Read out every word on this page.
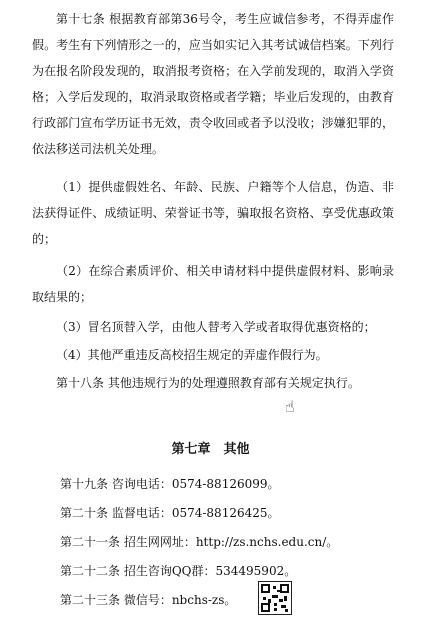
第十七条 根据教育部第36号令，考生应诚信参考，不得弄虚作假。考生有下列情形之一的，应当如实记入其考试诚信档案。下列行为在报名阶段发现的，取消报考资格；在入学前发现的，取消入学资格；入学后发现的，取消录取资格或者学籍；毕业后发现的，由教育行政部门宣布学历证书无效，责令收回或者予以没收；涉嫌犯罪的，依法移送司法机关处理。

（1）提供虚假姓名、年龄、民族、户籍等个人信息，伪造、非法获得证件、成绩证明、荣誉证书等，骗取报名资格、享受优惠政策的；

（2）在综合素质评价、相关申请材料中提供虚假材料、影响录取结果的；

（3）冒名顶替入学，由他人替考入学或者取得优惠资格的；

（4）其他严重违反高校招生规定的弄虚作假行为。

第十八条 其他违规行为的处理遵照教育部有关规定执行。

☝
第七章　其他

第十九条 咨询电话：0574-88126099。

第二十条 监督电话：0574-88126425。

第二十一条 招生网网址：http://zs.nchs.edu.cn/。

第二十二条 招生咨询QQ群：534495902。

第二十三条 微信号：nbchs-zs。
